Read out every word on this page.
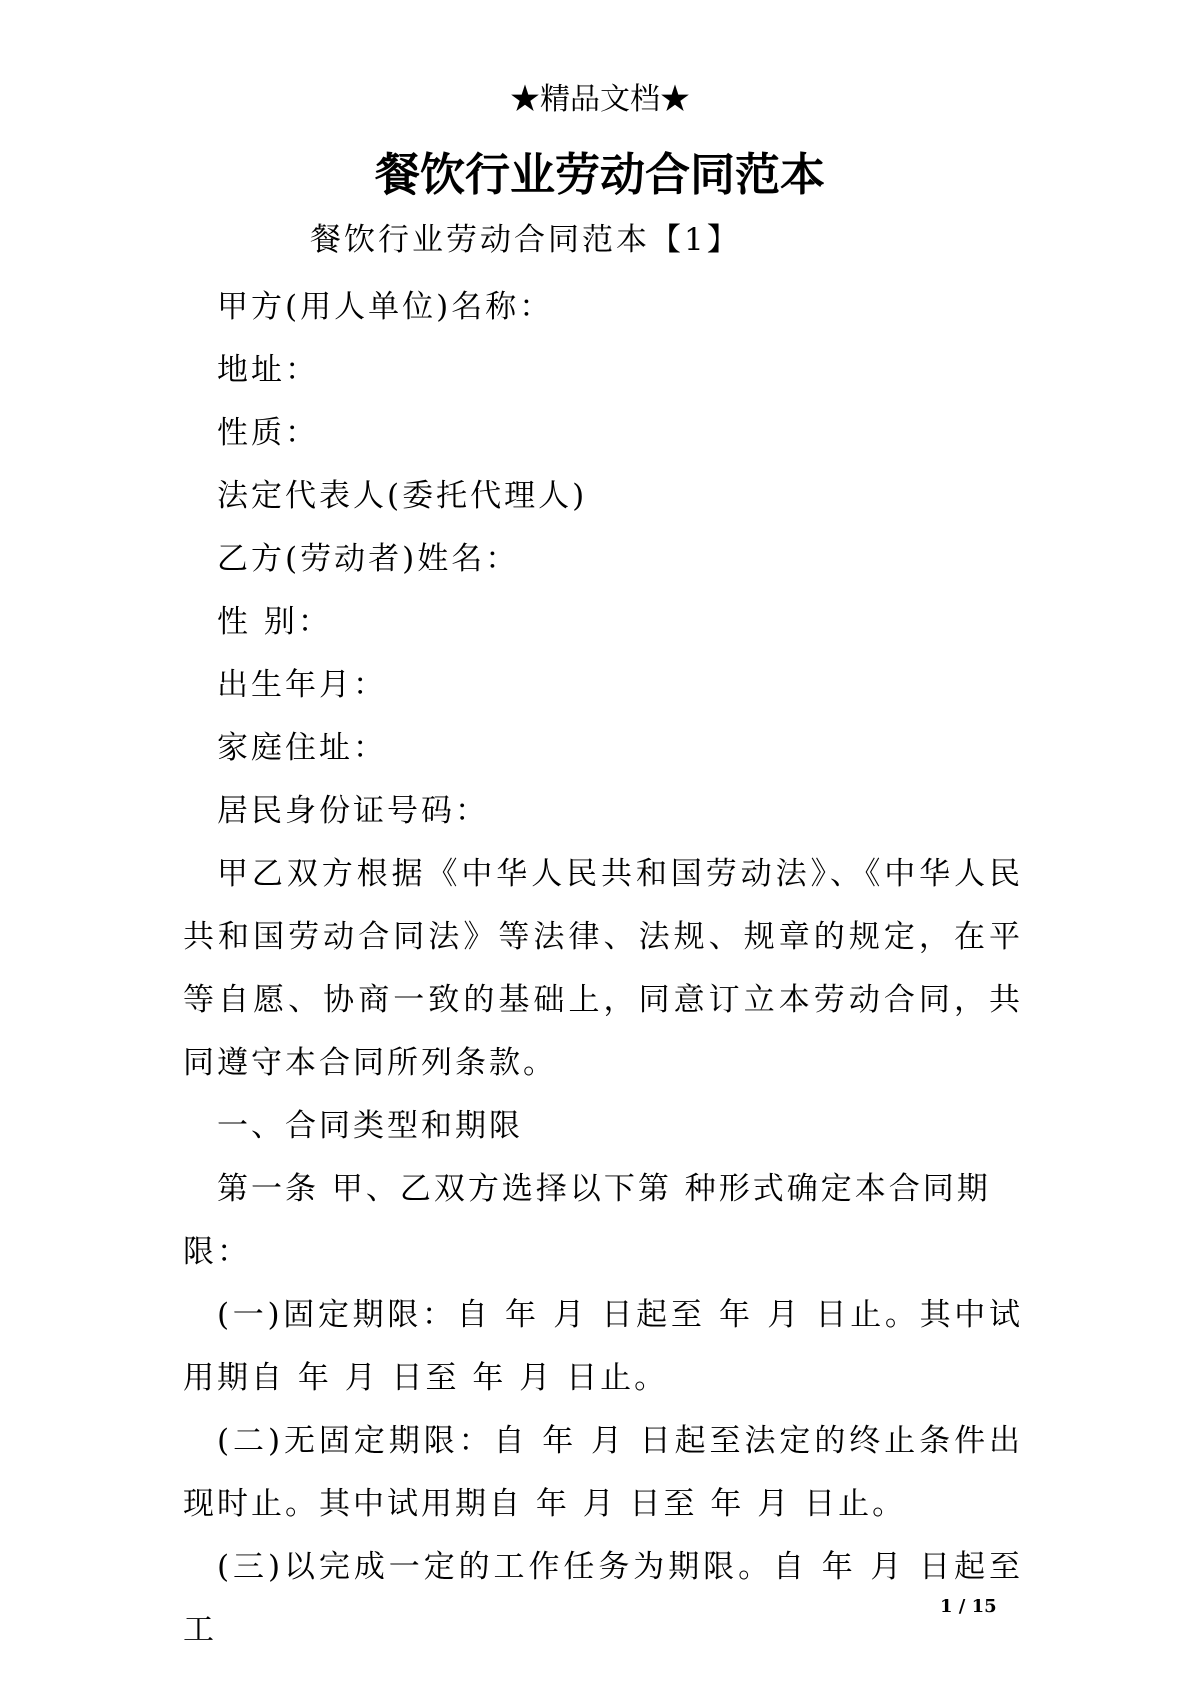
★精品文档★
餐饮行业劳动合同范本
餐饮行业劳动合同范本【1】

甲方(用人单位)名称：

地址：

性质：

法定代表人(委托代理人)

乙方(劳动者)姓名：

性 别：

出生年月：

家庭住址：

居民身份证号码：

甲乙双方根据《中华人民共和国劳动法》、《中华人民共和国劳动合同法》等法律、法规、规章的规定，在平等自愿、协商一致的基础上，同意订立本劳动合同，共同遵守本合同所列条款。

一、合同类型和期限

第一条 甲、乙双方选择以下第 种形式确定本合同期限：

(一)固定期限：自 年 月 日起至 年 月 日止。其中试用期自 年 月 日至 年 月 日止。

(二)无固定期限：自 年 月 日起至法定的终止条件出现时止。其中试用期自 年 月 日至 年 月 日止。

(三)以完成一定的工作任务为期限。自 年 月 日起至 工

1 / 15
